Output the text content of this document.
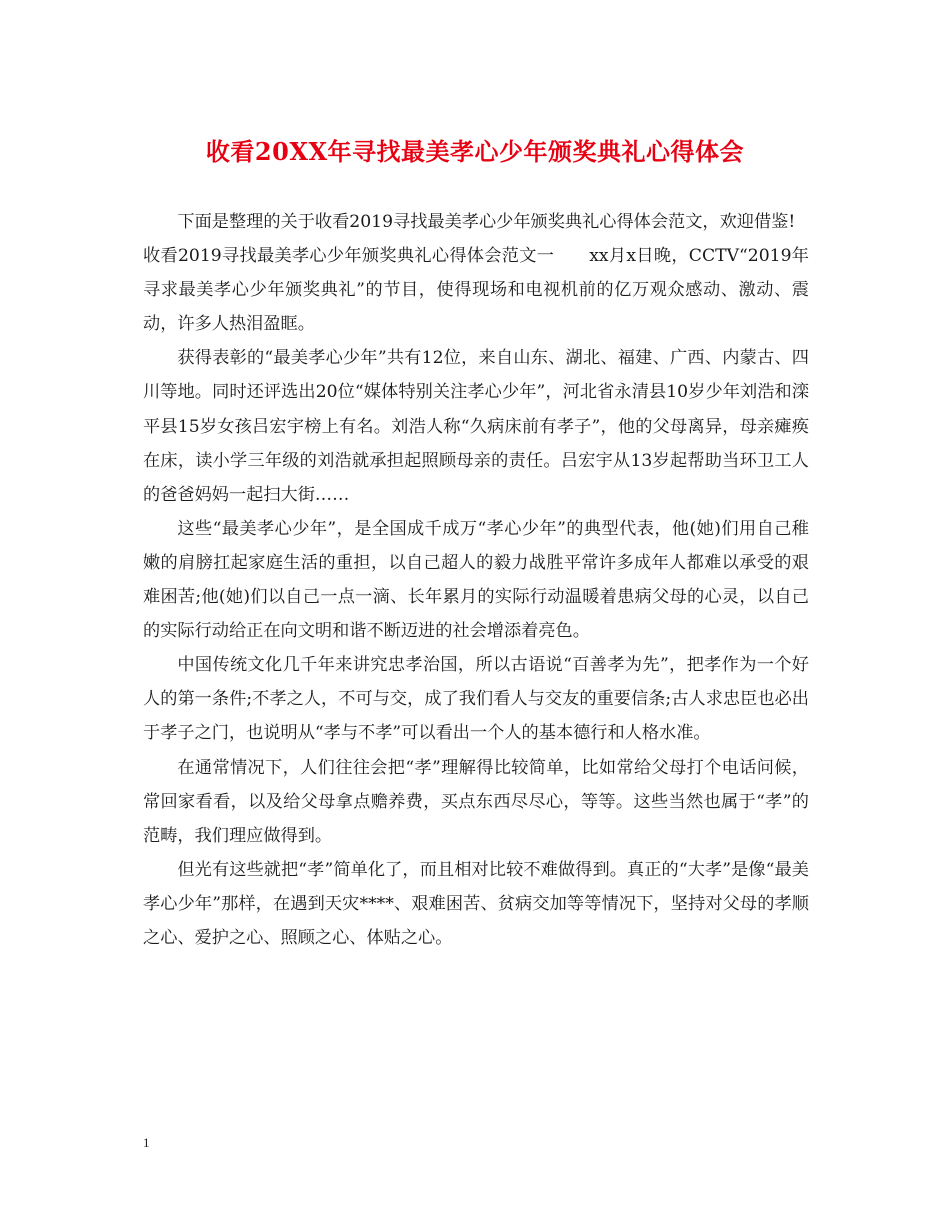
收看20XX年寻找最美孝心少年颁奖典礼心得体会

下面是整理的关于收看2019寻找最美孝心少年颁奖典礼心得体会范文，欢迎借鉴!

收看2019寻找最美孝心少年颁奖典礼心得体会范文一　　xx月x日晚，CCTV“2019年寻求最美孝心少年颁奖典礼”的节目，使得现场和电视机前的亿万观众感动、激动、震动，许多人热泪盈眶。

获得表彰的“最美孝心少年”共有12位，来自山东、湖北、福建、广西、内蒙古、四川等地。同时还评选出20位“媒体特别关注孝心少年”，河北省永清县10岁少年刘浩和滦平县15岁女孩吕宏宇榜上有名。刘浩人称“久病床前有孝子”，他的父母离异，母亲瘫痪在床，读小学三年级的刘浩就承担起照顾母亲的责任。吕宏宇从13岁起帮助当环卫工人的爸爸妈妈一起扫大街……

这些“最美孝心少年”，是全国成千成万“孝心少年”的典型代表，他(她)们用自己稚嫩的肩膀扛起家庭生活的重担，以自己超人的毅力战胜平常许多成年人都难以承受的艰难困苦;他(她)们以自己一点一滴、长年累月的实际行动温暖着患病父母的心灵，以自己的实际行动给正在向文明和谐不断迈进的社会增添着亮色。

中国传统文化几千年来讲究忠孝治国，所以古语说“百善孝为先”，把孝作为一个好人的第一条件;不孝之人，不可与交，成了我们看人与交友的重要信条;古人求忠臣也必出于孝子之门，也说明从“孝与不孝”可以看出一个人的基本德行和人格水准。

在通常情况下，人们往往会把“孝”理解得比较简单，比如常给父母打个电话问候，常回家看看，以及给父母拿点赡养费，买点东西尽尽心，等等。这些当然也属于“孝”的范畴，我们理应做得到。

但光有这些就把“孝”简单化了，而且相对比较不难做得到。真正的“大孝”是像“最美孝心少年”那样，在遇到天灾****、艰难困苦、贫病交加等等情况下，坚持对父母的孝顺之心、爱护之心、照顾之心、体贴之心。

1
